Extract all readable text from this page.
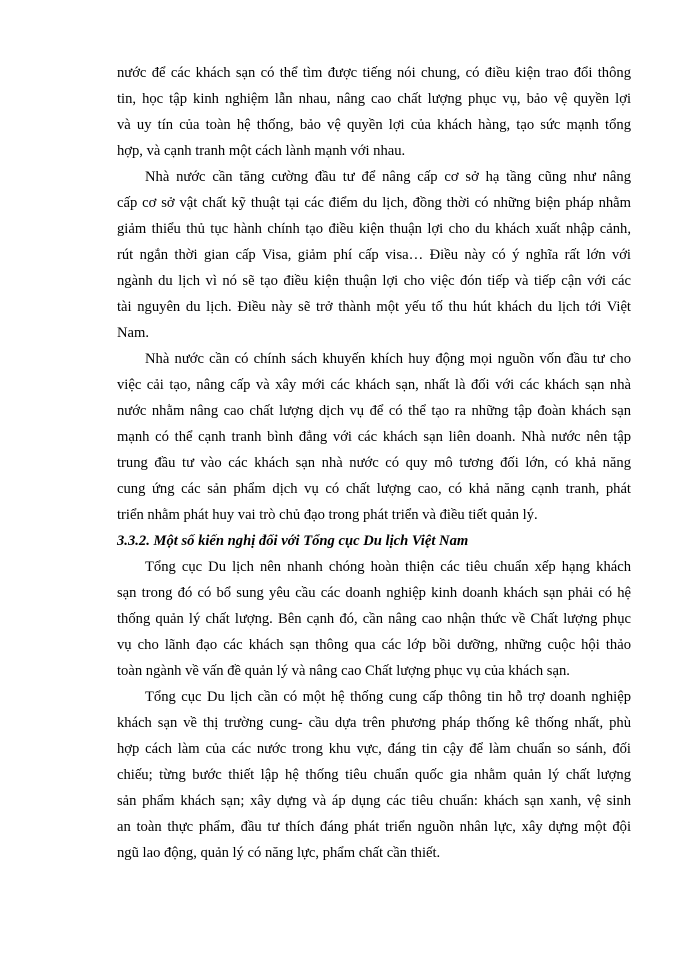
nước để các khách sạn có thể tìm được tiếng nói chung, có điều kiện trao đổi thông

tin, học tập kinh nghiệm lẫn nhau, nâng cao chất lượng phục vụ, bảo vệ quyền lợi

và uy tín của toàn hệ thống, bảo vệ quyền lợi của khách hàng, tạo sức mạnh tổng

hợp, và cạnh tranh một cách lành mạnh với nhau.

Nhà nước cần tăng cường đầu tư để nâng cấp cơ sở hạ tầng cũng như nâng

cấp cơ sở vật chất kỹ thuật tại các điểm du lịch, đồng thời có những biện pháp nhằm

giảm thiểu thủ tục hành chính tạo điều kiện thuận lợi cho du khách xuất nhập cảnh,

rút ngắn thời gian cấp Visa, giảm phí cấp visa… Điều này có ý nghĩa rất lớn với

ngành du lịch vì nó sẽ tạo điều kiện thuận lợi cho việc đón tiếp và tiếp cận với các

tài nguyên du lịch. Điều này sẽ trở thành một yếu tố thu hút khách du lịch tới Việt

Nam.

Nhà nước cần có chính sách khuyến khích huy động mọi nguồn vốn đầu tư cho

việc cải tạo, nâng cấp và xây mới các khách sạn, nhất là đối với các khách sạn nhà

nước nhằm nâng cao chất lượng dịch vụ để có thể tạo ra những tập đoàn khách sạn

mạnh có thể cạnh tranh bình đẳng với các khách sạn liên doanh. Nhà nước nên tập

trung đầu tư vào các khách sạn nhà nước có quy mô tương đối lớn, có khả năng

cung ứng các sản phẩm dịch vụ có chất lượng cao, có khả năng cạnh tranh, phát

triển nhằm phát huy vai trò chủ đạo trong phát triển và điều tiết quản lý.

3.3.2. Một số kiến nghị đối với Tổng cục Du lịch Việt Nam

Tổng cục Du lịch nên nhanh chóng hoàn thiện các tiêu chuẩn xếp hạng khách

sạn trong đó có bổ sung yêu cầu các doanh nghiệp kinh doanh khách sạn phải có hệ

thống quản lý chất lượng. Bên cạnh đó, cần nâng cao nhận thức về Chất lượng phục

vụ cho lãnh đạo các khách sạn thông qua các lớp bồi dưỡng, những cuộc hội thảo

toàn ngành về vấn đề quản lý và nâng cao Chất lượng phục vụ của khách sạn.

Tổng cục Du lịch cần có một hệ thống cung cấp thông tin hỗ trợ doanh nghiệp

khách sạn về thị trường cung- cầu dựa trên phương pháp thống kê thống nhất, phù

hợp cách làm của các nước trong khu vực, đáng tin cậy để làm chuẩn so sánh, đối

chiếu; từng bước thiết lập hệ thống tiêu chuẩn quốc gia nhằm quản lý chất lượng

sản phẩm khách sạn; xây dựng và áp dụng các tiêu chuẩn: khách sạn xanh, vệ sinh

an toàn thực phẩm, đầu tư thích đáng phát triển nguồn nhân lực, xây dựng một đội

ngũ lao động, quản lý có năng lực, phẩm chất cần thiết.
